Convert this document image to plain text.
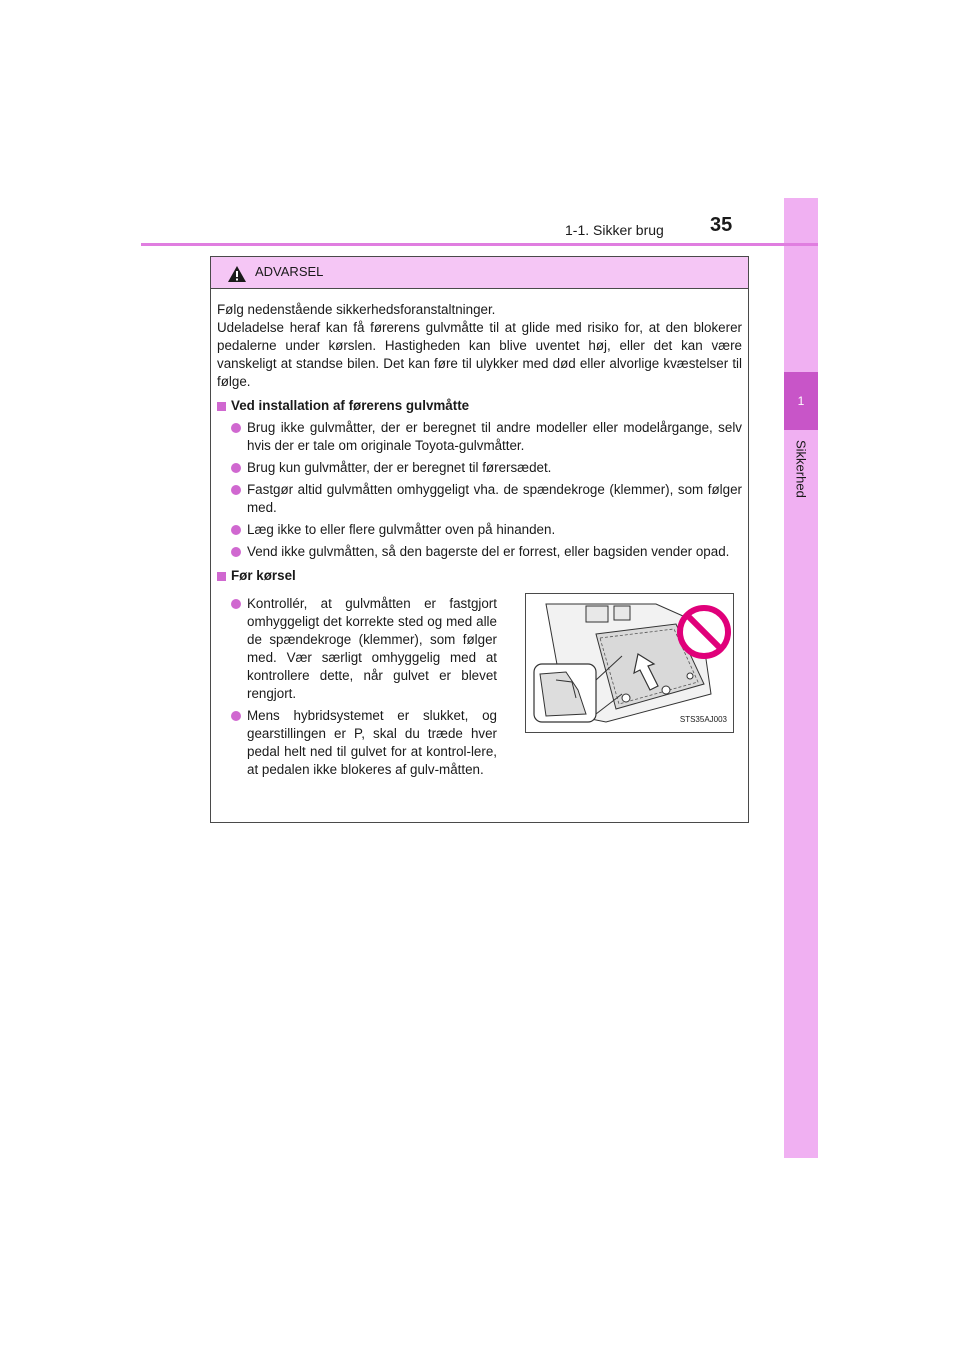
1
Sikkerhed
1-1. Sikker brug 35
ADVARSEL

Følg nedenstående sikkerhedsforanstaltninger.

Udeladelse heraf kan få førerens gulvmåtte til at glide med risiko for, at den blokerer pedalerne under kørslen. Hastigheden kan blive uventet høj, eller det kan være vanskeligt at standse bilen. Det kan føre til ulykker med død eller alvorlige kvæstelser til følge.

Ved installation af førerens gulvmåtte
Brug ikke gulvmåtter, der er beregnet til andre modeller eller modelårgange, selv hvis der er tale om originale Toyota-gulvmåtter.
Brug kun gulvmåtter, der er beregnet til førersædet.
Fastgør altid gulvmåtten omhyggeligt vha. de spændekroge (klemmer), som følger med.
Læg ikke to eller flere gulvmåtter oven på hinanden.
Vend ikke gulvmåtten, så den bagerste del er forrest, eller bagsiden vender opad.
Før kørsel
Kontrollér, at gulvmåtten er fastgjort omhyggeligt det korrekte sted og med alle de spændekroge (klemmer), som følger med. Vær særligt omhyggelig med at kontrollere dette, når gulvet er blevet rengjort.
Mens hybridsystemet er slukket, og gearstillingen er P, skal du træde hver pedal helt ned til gulvet for at kontrol-lere, at pedalen ikke blokeres af gulv-måtten.
STS35AJ003
